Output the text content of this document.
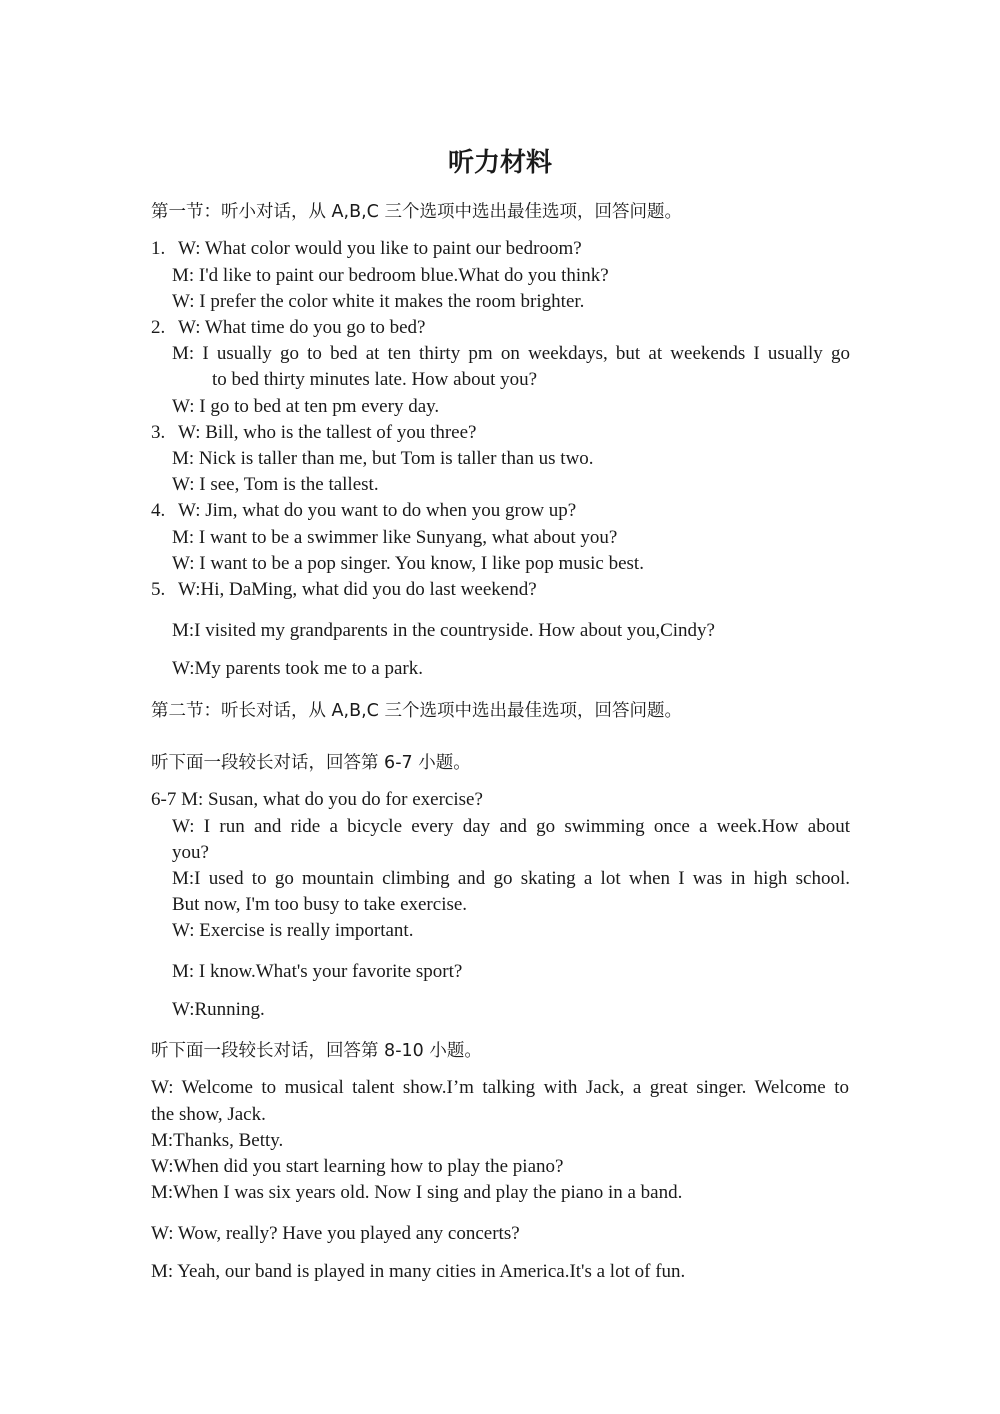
听力材料
第一节：听小对话，从 A,B,C 三个选项中选出最佳选项，回答问题。
1. W: What color would you like to paint our bedroom?
M: I'd like to paint our bedroom blue.What do you think?
W: I prefer the color white it makes the room brighter.
2. W: What time do you go to bed?
M: I usually go to bed at ten thirty pm on weekdays, but at weekends I usually go
to bed thirty minutes late. How about you?
W: I go to bed at ten pm every day.
3. W: Bill, who is the tallest of you three?
M: Nick is taller than me, but Tom is taller than us two.
W: I see, Tom is the tallest.
4. W: Jim, what do you want to do when you grow up?
M: I want to be a swimmer like Sunyang, what about you?
W: I want to be a pop singer. You know, I like pop music best.
5. W:Hi, DaMing, what did you do last weekend?
M:I visited my grandparents in the countryside. How about you,Cindy?
W:My parents took me to a park.
第二节：听长对话，从 A,B,C 三个选项中选出最佳选项，回答问题。
听下面一段较长对话，回答第 6-7 小题。
6-7 M: Susan, what do you do for exercise?
W: I run and ride a bicycle every day and go swimming once a week.How about
you?
M:I used to go mountain climbing and go skating a lot when I was in high school.
But now, I'm too busy to take exercise.
W: Exercise is really important.
M: I know.What's your favorite sport?
W:Running.
听下面一段较长对话，回答第 8-10 小题。
W: Welcome to musical talent show.I’m talking with Jack, a great singer. Welcome to
the show, Jack.
M:Thanks, Betty.
W:When did you start learning how to play the piano?
M:When I was six years old. Now I sing and play the piano in a band.
W: Wow, really? Have you played any concerts?
M: Yeah, our band is played in many cities in America.It's a lot of fun.
